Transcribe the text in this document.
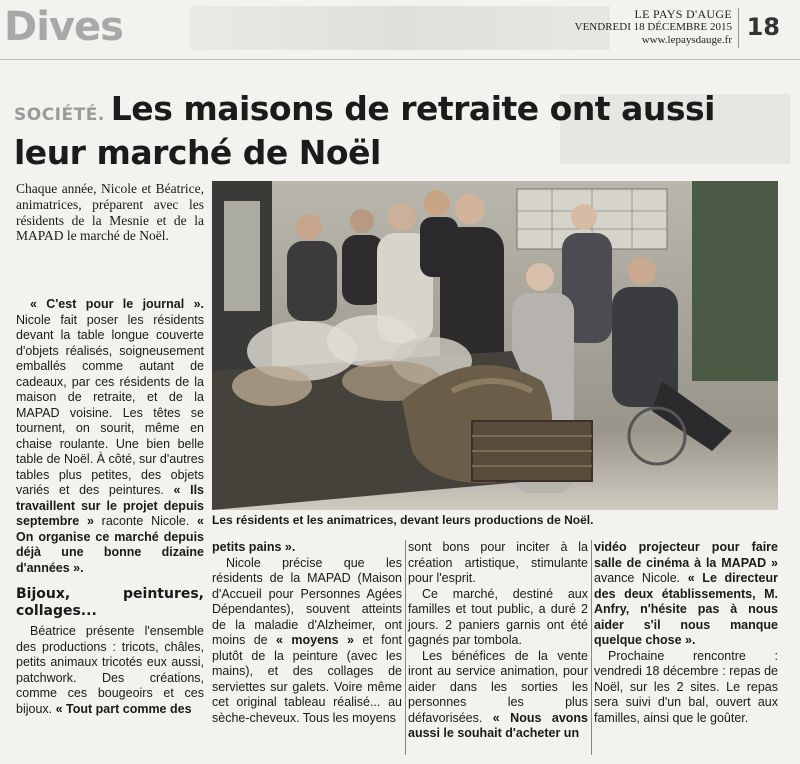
Dives	LE PAYS D'AUGE
VENDREDI 18 DÉCEMBRE 2015
www.lepaysdauge.fr 18
SOCIÉTÉ. Les maisons de retraite ont aussi leur marché de Noël
Chaque année, Nicole et Béatrice, animatrices, préparent avec les résidents de la Mesnie et de la MAPAD le marché de Noël.

« C'est pour le journal ». Nicole fait poser les résidents devant la table longue couverte d'objets réalisés, soigneusement emballés comme autant de cadeaux, par ces résidents de la maison de retraite, et de la MAPAD voisine. Les têtes se tournent, on sourit, même en chaise roulante. Une bien belle table de Noël. À côté, sur d'autres tables plus petites, des objets variés et des peintures. « Ils travaillent sur le projet depuis septembre » raconte Nicole. « On organise ce marché depuis déjà une bonne dizaine d'années ».

Bijoux, peintures, collages...

Béatrice présente l'ensemble des productions : tricots, châles, petits animaux tricotés eux aussi, patchwork. Des créations, comme ces bougeoirs et ces bijoux. « Tout part comme des

Les résidents et les animatrices, devant leurs productions de Noël.

petits pains ».

Nicole précise que les résidents de la MAPAD (Maison d'Accueil pour Personnes Agées Dépendantes), souvent atteints de la maladie d'Alzheimer, ont moins de « moyens » et font plutôt de la peinture (avec les mains), et des collages de serviettes sur galets. Voire même cet original tableau réalisé... au sèche-cheveux. Tous les moyens

sont bons pour inciter à la création artistique, stimulante pour l'esprit.

Ce marché, destiné aux familles et tout public, a duré 2 jours. 2 paniers garnis ont été gagnés par tombola.

Les bénéfices de la vente iront au service animation, pour aider dans les sorties les personnes les plus défavorisées. « Nous avons aussi le souhait d'acheter un

vidéo projecteur pour faire salle de cinéma à la MAPAD » avance Nicole. « Le directeur des deux établissements, M. Anfry, n'hésite pas à nous aider s'il nous manque quelque chose ».

Prochaine rencontre : vendredi 18 décembre : repas de Noël, sur les 2 sites. Le repas sera suivi d'un bal, ouvert aux familles, ainsi que le goûter.
